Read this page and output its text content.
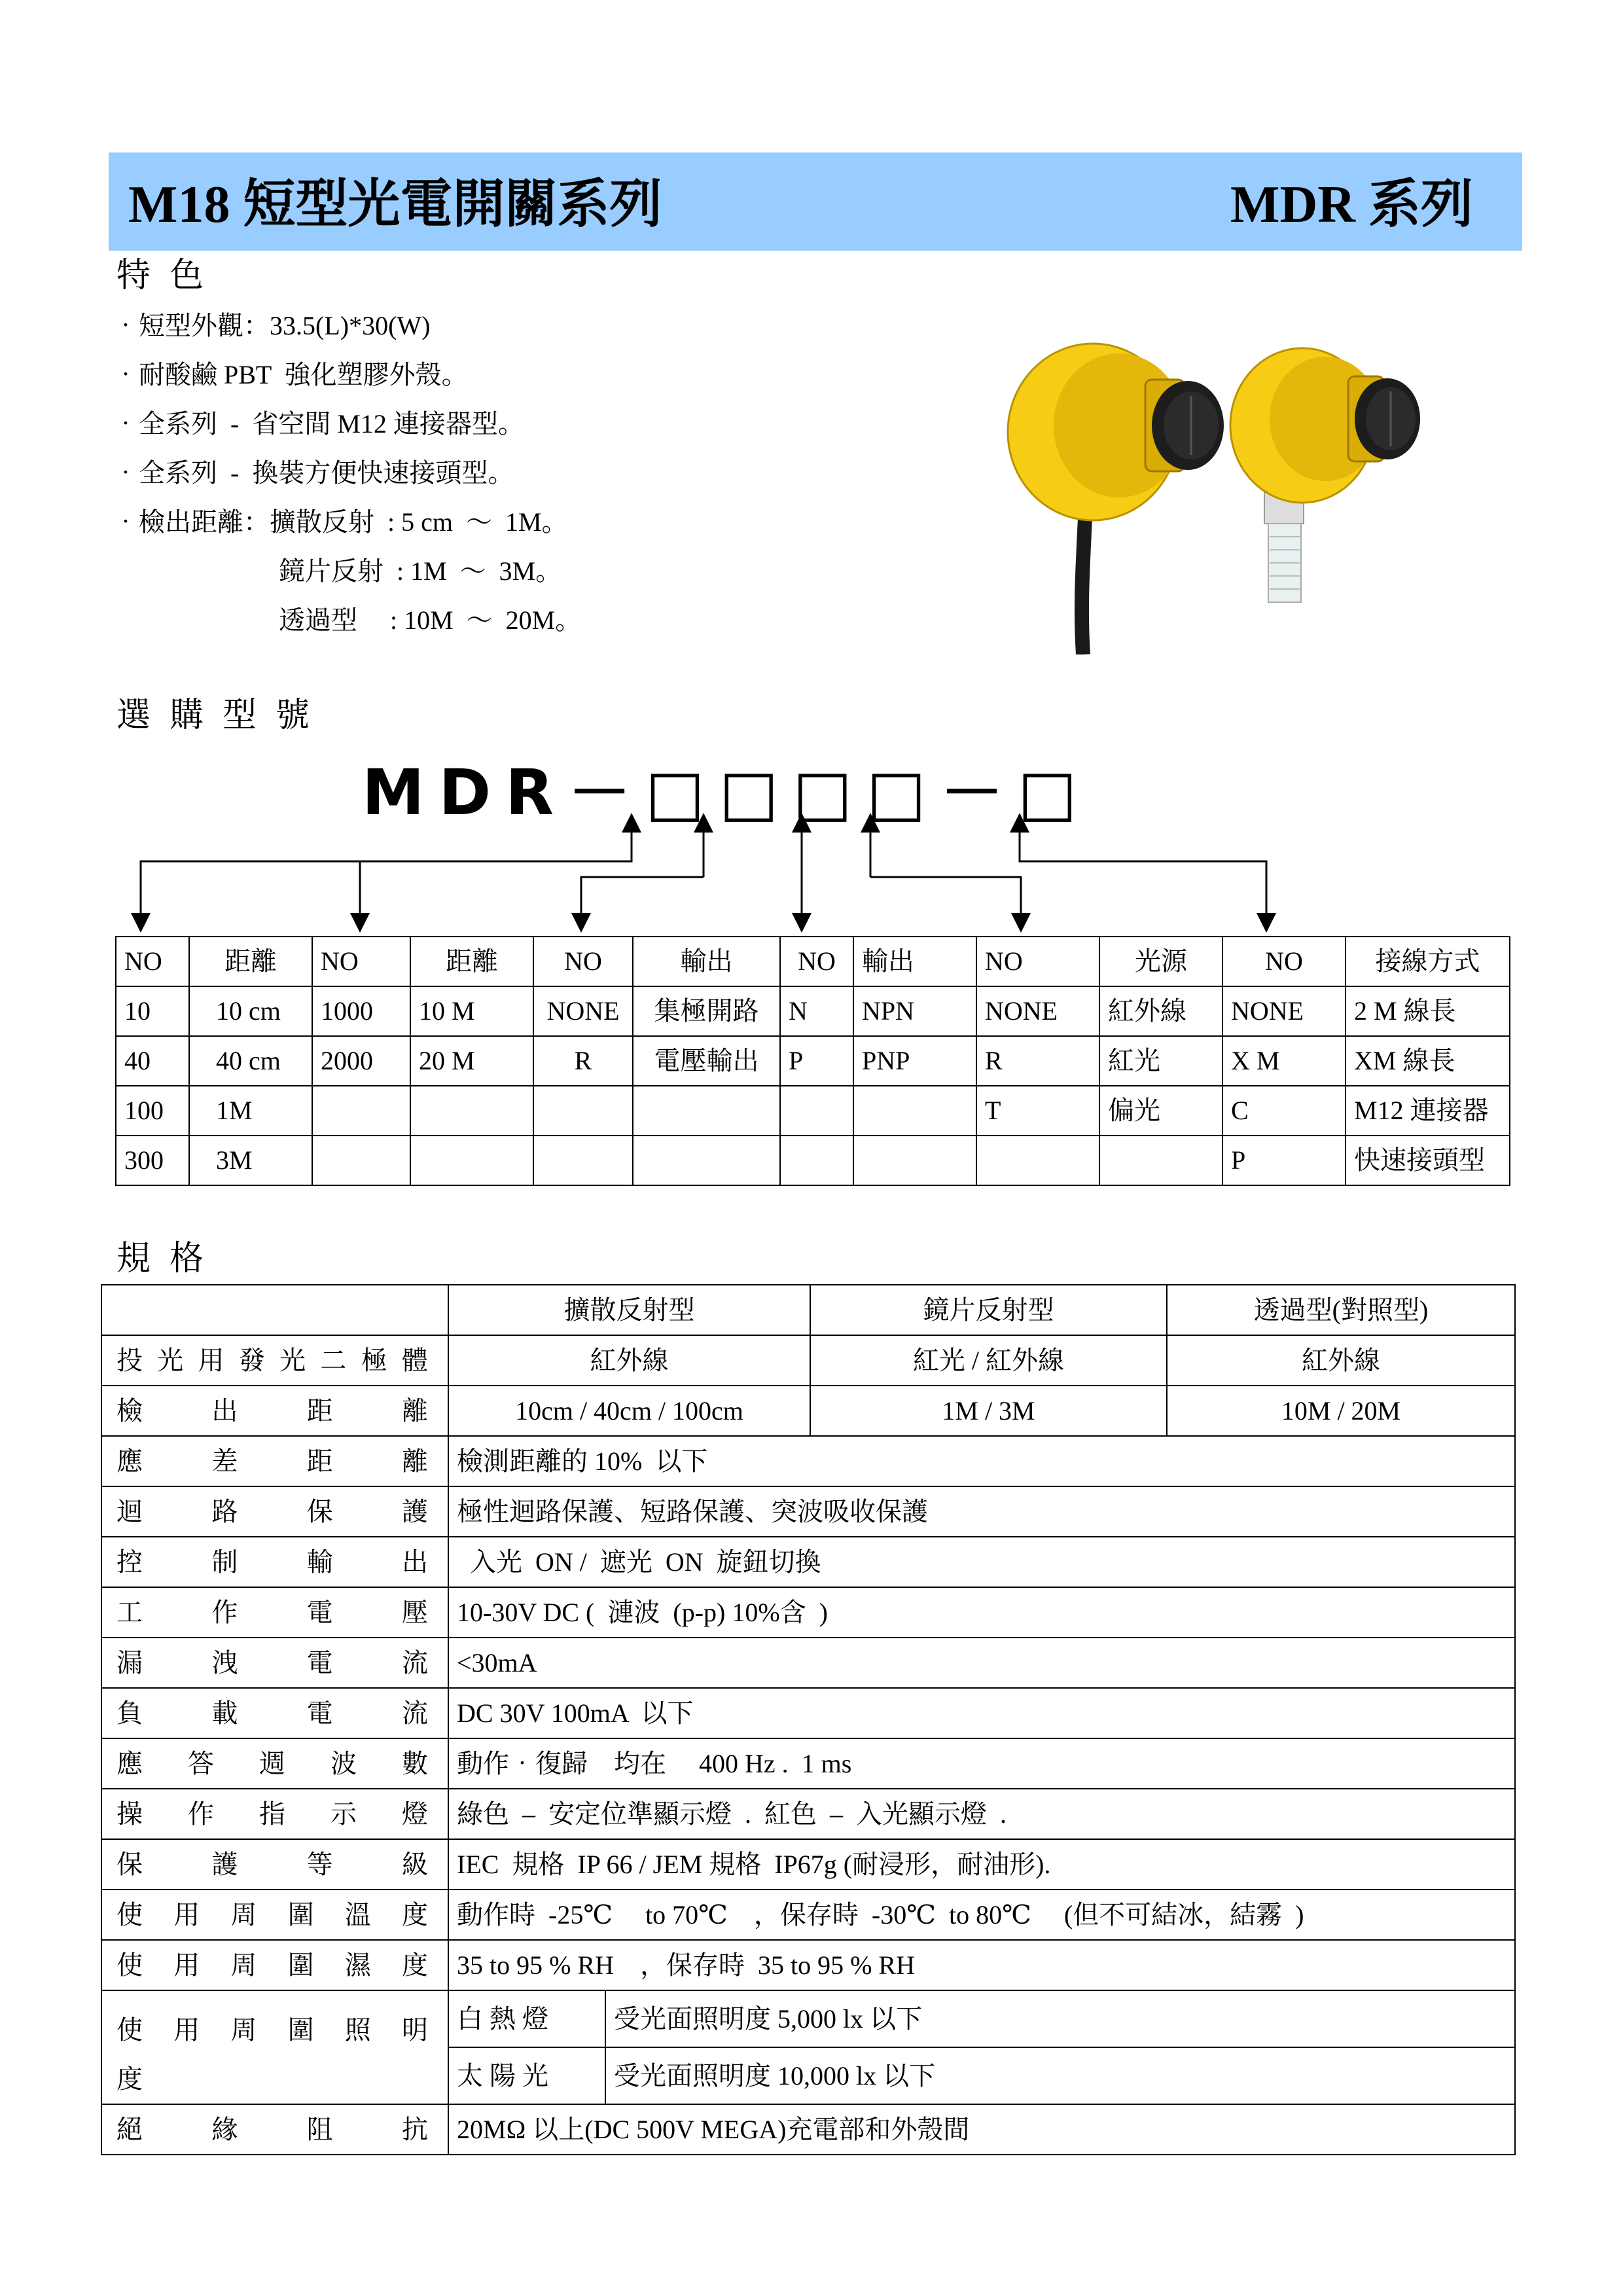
M18 短型光電開關系列	MDR 系列
特 色
‧短型外觀：33.5(L)*30(W)
‧耐酸鹼 PBT  強化塑膠外殼。
‧全系列  -  省空間 M12 連接器型。
‧全系列  -  換裝方便快速接頭型。
‧檢出距離：擴散反射  : 5 cm  ～  1M。
鏡片反射  : 1M  ～  3M。
透過型     : 10M  ～  20M。
選 購 型 號
MDR－□□□□－□
NO	距離	NO	距離	NO	輸出	NO	輸出	NO	光源	NO	接線方式
10	10 cm	1000	10 M	NONE	集極開路	N	NPN	NONE	紅外線	NONE	2 M 線長
40	40 cm	2000	20 M	R	電壓輸出	P	PNP	R	紅光	X M	XM 線長
100	1M							T	偏光	C	M12 連接器
300	3M									P	快速接頭型
規 格
	擴散反射型		鏡片反射型	透過型(對照型)
投光用發光二極體	紅外線		紅光 / 紅外線	紅外線
檢出距離	10cm / 40cm / 100cm		1M / 3M	10M / 20M
應差距離	檢測距離的 10%  以下			
迴路保護	極性迴路保護、短路保護、突波吸收保護			
控制輸出	入光  ON /  遮光  ON  旋鈕切換			
工作電壓	10-30V DC (  漣波  (p-p) 10%含  )			
漏洩電流	<30mA			
負載電流	DC 30V 100mA  以下			
應答週波數	動作‧復歸    均在     400 Hz .  1 ms			
操作指示燈	綠色  –  安定位準顯示燈  .  紅色  –  入光顯示燈  .			
保護等級	IEC  規格  IP 66 / JEM 規格  IP67g (耐浸形，耐油形).			
使用周圍溫度	動作時  -25℃     to 70℃    ，保存時  -30℃  to 80℃     (但不可結冰，結霧  )			
使用周圍濕度	35 to 95 % RH    ，保存時  35 to 95 % RH			

使用周圍照明
度	白 熱 燈	受光面照明度 5,000 lx 以下		
	太 陽 光	受光面照明度 10,000 lx 以下		
絕緣阻抗	20MΩ 以上(DC 500V MEGA)充電部和外殼間			
